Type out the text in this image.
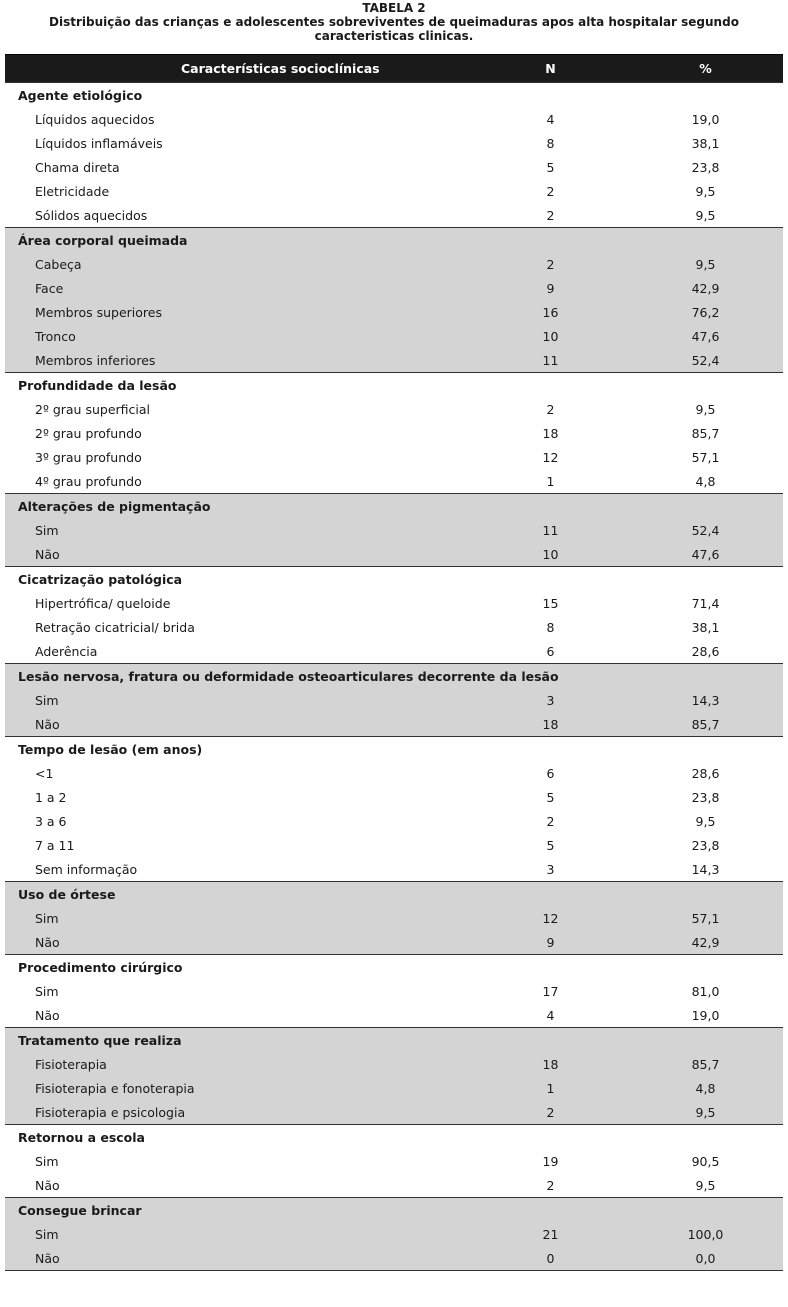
TABELA 2
Distribuição das crianças e adolescentes sobreviventes de queimaduras apos alta hospitalar segundo caracteristicas clinicas.
Características socioclínicas	N	%
Agente etiológico		
Líquidos aquecidos	4	19,0
Líquidos inflamáveis	8	38,1
Chama direta	5	23,8
Eletricidade	2	9,5
Sólidos aquecidos	2	9,5
Área corporal queimada		
Cabeça	2	9,5
Face	9	42,9
Membros superiores	16	76,2
Tronco	10	47,6
Membros inferiores	11	52,4
Profundidade da lesão		
2º grau superficial	2	9,5
2º grau profundo	18	85,7
3º grau profundo	12	57,1
4º grau profundo	1	4,8
Alterações de pigmentação		
Sim	11	52,4
Não	10	47,6
Cicatrização patológica		
Hipertrófica/ queloide	15	71,4
Retração cicatricial/ brida	8	38,1
Aderência	6	28,6
Lesão nervosa, fratura ou deformidade osteoarticulares decorrente da lesão		
Sim	3	14,3
Não	18	85,7
Tempo de lesão (em anos)		
<1	6	28,6
1 a 2	5	23,8
3 a 6	2	9,5
7 a 11	5	23,8
Sem informação	3	14,3
Uso de órtese		
Sim	12	57,1
Não	9	42,9
Procedimento cirúrgico		
Sim	17	81,0
Não	4	19,0
Tratamento que realiza		
Fisioterapia	18	85,7
Fisioterapia e fonoterapia	1	4,8
Fisioterapia e psicologia	2	9,5
Retornou a escola		
Sim	19	90,5
Não	2	9,5
Consegue brincar		
Sim	21	100,0
Não	0	0,0
